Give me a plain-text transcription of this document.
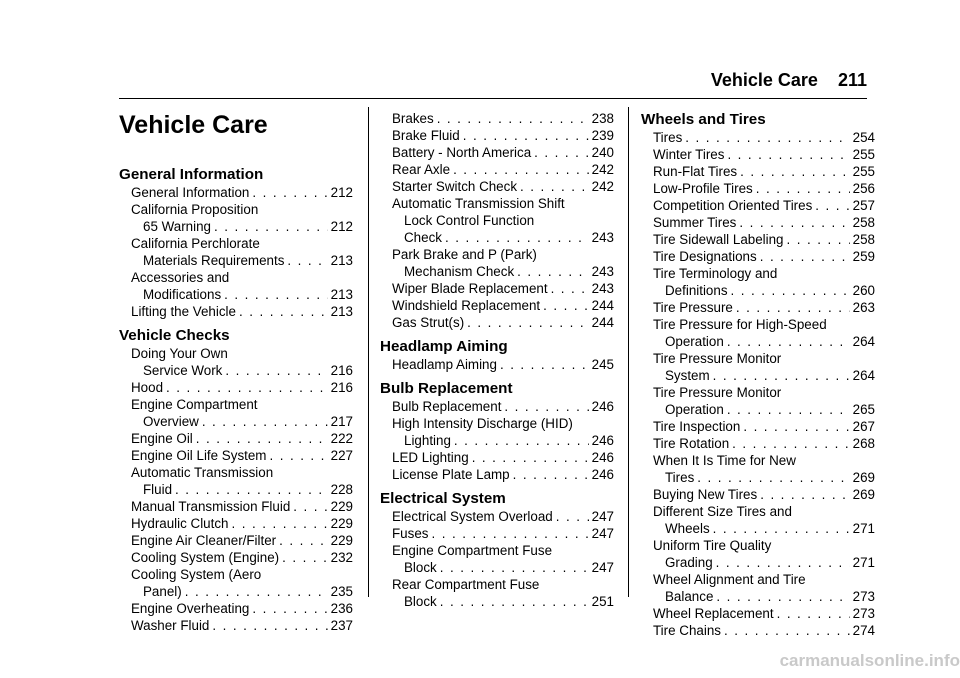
Vehicle Care 211
Vehicle Care
General Information
General Information . . .	212
California Proposition
65 Warning . . .	212
California Perchlorate
Materials Requirements . . .	213
Accessories and
Modifications . . .	213
Lifting the Vehicle . . .	213
Vehicle Checks
Doing Your Own
Service Work . . .	216
Hood . . .	216
Engine Compartment
Overview . . .	217
Engine Oil . . .	222
Engine Oil Life System . . .	227
Automatic Transmission
Fluid . . .	228
Manual Transmission Fluid . . .	229
Hydraulic Clutch . . .	229
Engine Air Cleaner/Filter . . .	229
Cooling System (Engine) . . .	232
Cooling System (Aero
Panel) . . .	235
Engine Overheating . . .	236
Washer Fluid . . .	237
Brakes . . .	238
Brake Fluid . . .	239
Battery - North America . . .	240
Rear Axle . . .	242
Starter Switch Check . . .	242
Automatic Transmission Shift
Lock Control Function
Check . . .	243
Park Brake and P (Park)
Mechanism Check . . .	243
Wiper Blade Replacement . . .	243
Windshield Replacement . . .	244
Gas Strut(s) . . .	244
Headlamp Aiming
Headlamp Aiming . . .	245
Bulb Replacement
Bulb Replacement . . .	246
High Intensity Discharge (HID)
Lighting . . .	246
LED Lighting . . .	246
License Plate Lamp . . .	246
Electrical System
Electrical System Overload . . .	247
Fuses . . .	247
Engine Compartment Fuse
Block . . .	247
Rear Compartment Fuse
Block . . .	251
Wheels and Tires
Tires . . .	254
Winter Tires . . .	255
Run-Flat Tires . . .	255
Low-Profile Tires . . .	256
Competition Oriented Tires . . .	257
Summer Tires . . .	258
Tire Sidewall Labeling . . .	258
Tire Designations . . .	259
Tire Terminology and
Definitions . . .	260
Tire Pressure . . .	263
Tire Pressure for High-Speed
Operation . . .	264
Tire Pressure Monitor
System . . .	264
Tire Pressure Monitor
Operation . . .	265
Tire Inspection . . .	267
Tire Rotation . . .	268
When It Is Time for New
Tires . . .	269
Buying New Tires . . .	269
Different Size Tires and
Wheels . . .	271
Uniform Tire Quality
Grading . . .	271
Wheel Alignment and Tire
Balance . . .	273
Wheel Replacement . . .	273
Tire Chains . . .	274
carmanualsonline.info
